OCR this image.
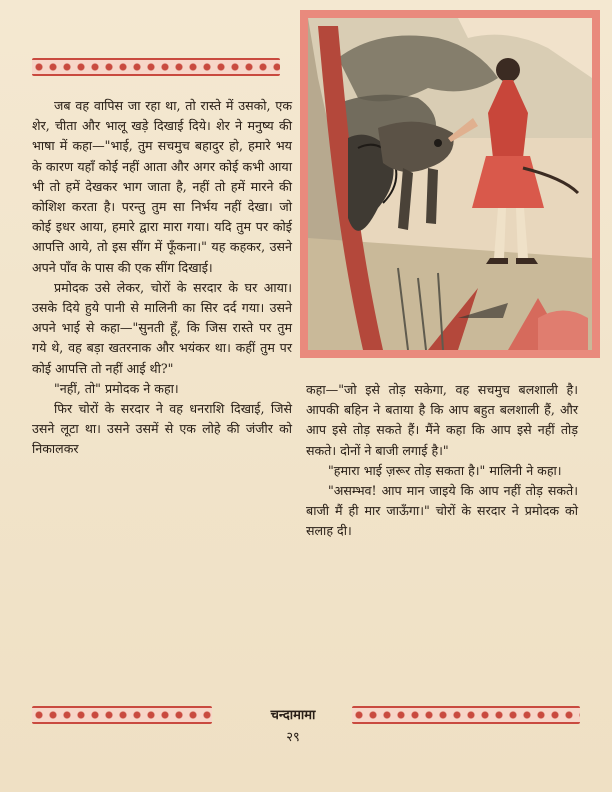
जब वह वापिस जा रहा था, तो रास्ते में उसको, एक शेर, चीता और भालू खड़े दिखाई दिये। शेर ने मनुष्य की भाषा में कहा—"भाई, तुम सचमुच बहादुर हो, हमारे भय के कारण यहाँ कोई नहीं आता और अगर कोई कभी आया भी तो हमें देखकर भाग जाता है, नहीं तो हमें मारने की कोशिश करता है। परन्तु तुम सा निर्भय नहीं देखा। जो कोई इधर आया, हमारे द्वारा मारा गया। यदि तुम पर कोई आपत्ति आये, तो इस सींग में फूँकना।" यह कहकर, उसने अपने पाँव के पास की एक सींग दिखाई।

प्रमोदक उसे लेकर, चोरों के सरदार के घर आया। उसके दिये हुये पानी से मालिनी का सिर दर्द गया। उसने अपने भाई से कहा—"सुनती हूँ, कि जिस रास्ते पर तुम गये थे, वह बड़ा खतरनाक और भयंकर था। कहीं तुम पर कोई आपत्ति तो नहीं आई थी?"

"नहीं, तो" प्रमोदक ने कहा।

फिर चोरों के सरदार ने वह धनराशि दिखाई, जिसे उसने लूटा था। उसने उसमें से एक लोहे की जंजीर को निकालकर

कहा—"जो इसे तोड़ सकेगा, वह सचमुच बलशाली है। आपकी बहिन ने बताया है कि आप बहुत बलशाली हैं, और आप इसे तोड़ सकते हैं। मैंने कहा कि आप इसे नहीं तोड़ सकते। दोनों ने बाजी लगाई है।"

"हमारा भाई ज़रूर तोड़ सकता है।" मालिनी ने कहा।

"असम्भव! आप मान जाइये कि आप नहीं तोड़ सकते। बाजी मैं ही मार जाऊँगा।" चोरों के सरदार ने प्रमोदक को सलाह दी।

चन्दामामा
२९
